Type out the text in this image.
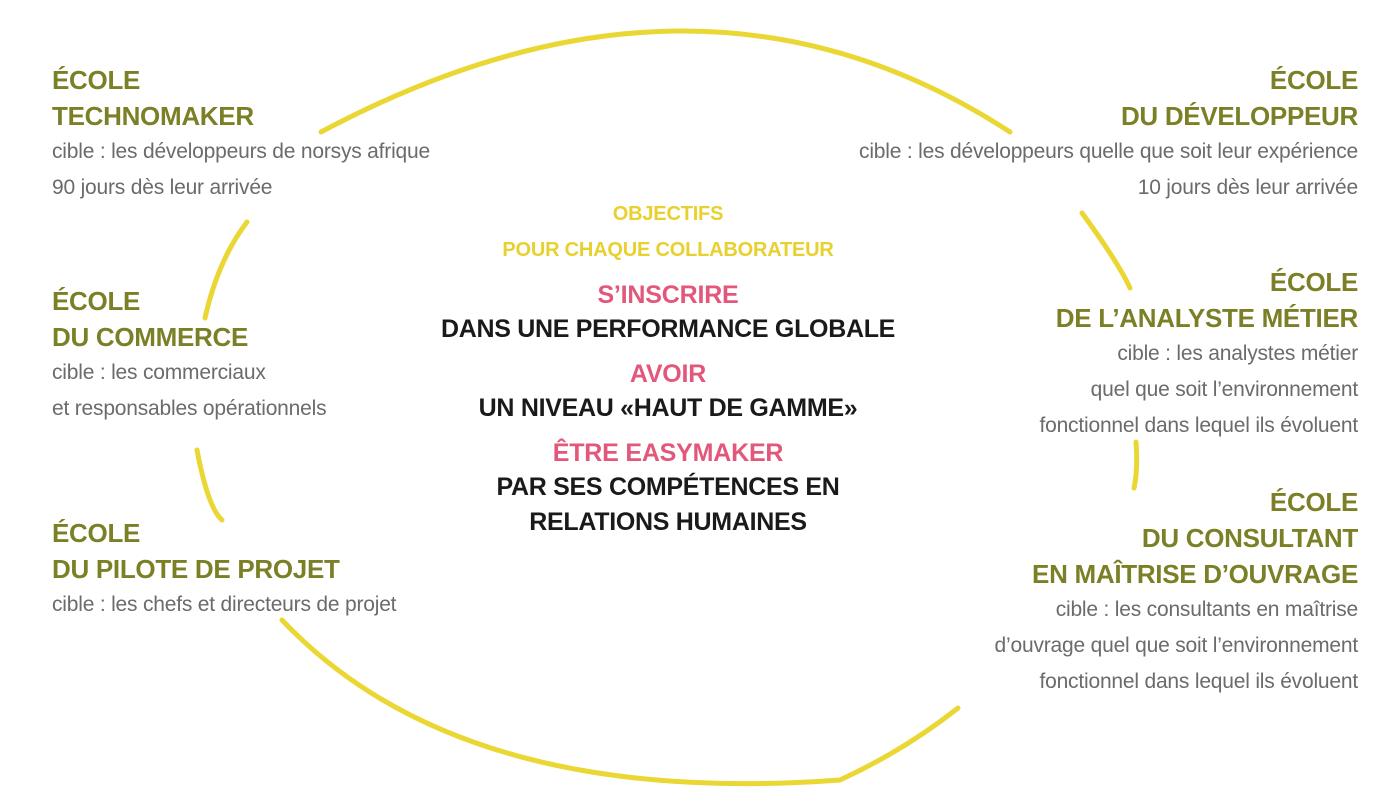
ÉCOLE
TECHNOMAKER
cible : les développeurs de norsys afrique
90 jours dès leur arrivée
ÉCOLE
DU COMMERCE
cible : les commerciaux
et responsables opérationnels
ÉCOLE
DU PILOTE DE PROJET
cible : les chefs et directeurs de projet
ÉCOLE
DU DÉVELOPPEUR
cible : les développeurs quelle que soit leur expérience
10 jours dès leur arrivée
ÉCOLE
DE L’ANALYSTE MÉTIER
cible : les analystes métier
quel que soit l’environnement
fonctionnel dans lequel ils évoluent
ÉCOLE
DU CONSULTANT
EN MAÎTRISE D’OUVRAGE
cible : les consultants en maîtrise
d’ouvrage quel que soit l’environnement
fonctionnel dans lequel ils évoluent
OBJECTIFS
POUR CHAQUE COLLABORATEUR
S’INSCRIRE
DANS UNE PERFORMANCE GLOBALE
AVOIR
UN NIVEAU «HAUT DE GAMME»
ÊTRE EASYMAKER
PAR SES COMPÉTENCES EN
RELATIONS HUMAINES
